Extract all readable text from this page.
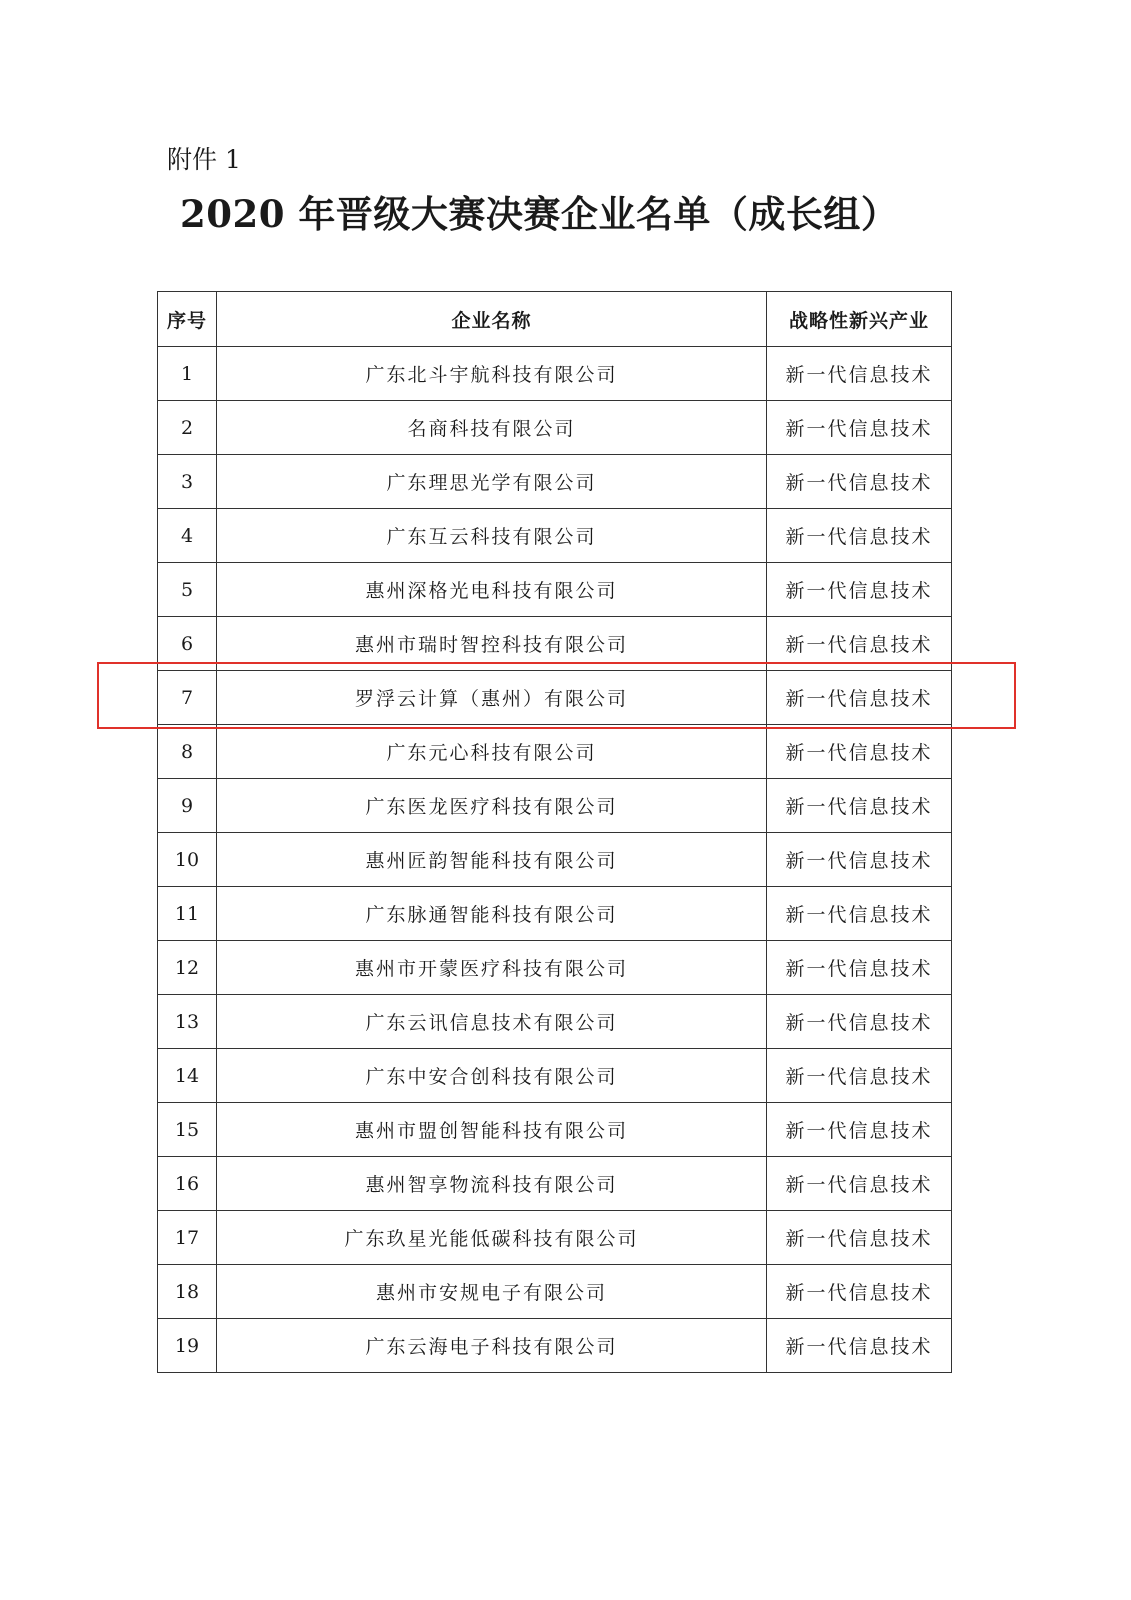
附件 1
2020 年晋级大赛决赛企业名单（成长组）
序号	企业名称	战略性新兴产业
1	广东北斗宇航科技有限公司	新一代信息技术
2	名商科技有限公司	新一代信息技术
3	广东理思光学有限公司	新一代信息技术
4	广东互云科技有限公司	新一代信息技术
5	惠州深格光电科技有限公司	新一代信息技术
6	惠州市瑞时智控科技有限公司	新一代信息技术
7	罗浮云计算（惠州）有限公司	新一代信息技术
8	广东元心科技有限公司	新一代信息技术
9	广东医龙医疗科技有限公司	新一代信息技术
10	惠州匠韵智能科技有限公司	新一代信息技术
11	广东脉通智能科技有限公司	新一代信息技术
12	惠州市开蒙医疗科技有限公司	新一代信息技术
13	广东云讯信息技术有限公司	新一代信息技术
14	广东中安合创科技有限公司	新一代信息技术
15	惠州市盟创智能科技有限公司	新一代信息技术
16	惠州智享物流科技有限公司	新一代信息技术
17	广东玖星光能低碳科技有限公司	新一代信息技术
18	惠州市安规电子有限公司	新一代信息技术
19	广东云海电子科技有限公司	新一代信息技术
